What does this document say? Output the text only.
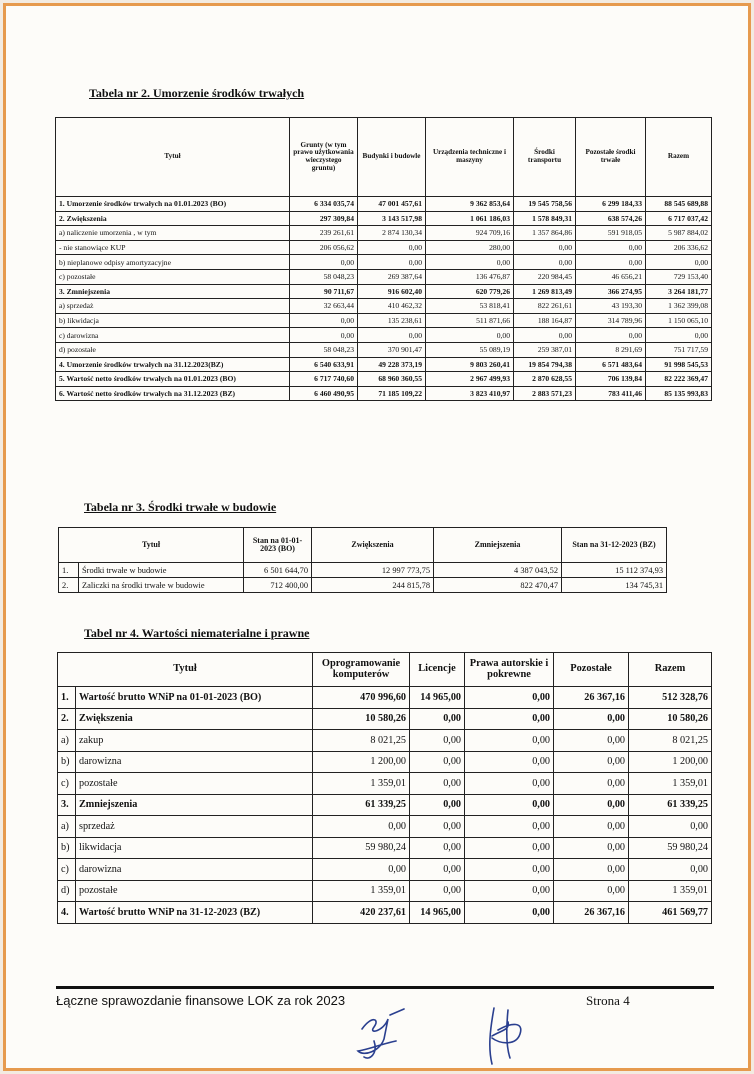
Tabela nr 2. Umorzenie środków trwałych
Tytuł	Grunty (w tym prawo użytkowania wieczystego gruntu)	Budynki i budowle	Urządzenia techniczne i maszyny	Środki transportu	Pozostałe środki trwałe	Razem
1. Umorzenie środków trwałych na 01.01.2023 (BO)	6 334 035,74	47 001 457,61	9 362 853,64	19 545 758,56	6 299 184,33	88 545 689,88
2. Zwiększenia	297 309,84	3 143 517,98	1 061 186,03	1 578 849,31	638 574,26	6 717 037,42
a) naliczenie umorzenia , w tym	239 261,61	2 874 130,34	924 709,16	1 357 864,86	591 918,05	5 987 884,02
- nie stanowiące KUP	206 056,62	0,00	280,00	0,00	0,00	206 336,62
b) nieplanowe odpisy amortyzacyjne	0,00	0,00	0,00	0,00	0,00	0,00
c) pozostałe	58 048,23	269 387,64	136 476,87	220 984,45	46 656,21	729 153,40
3. Zmniejszenia	90 711,67	916 602,40	620 779,26	1 269 813,49	366 274,95	3 264 181,77
a) sprzedaż	32 663,44	410 462,32	53 818,41	822 261,61	43 193,30	1 362 399,08
b) likwidacja	0,00	135 238,61	511 871,66	188 164,87	314 789,96	1 150 065,10
c) darowizna	0,00	0,00	0,00	0,00	0,00	0,00
d) pozostałe	58 048,23	370 901,47	55 089,19	259 387,01	8 291,69	751 717,59
4. Umorzenie środków trwałych na 31.12.2023(BZ)	6 540 633,91	49 228 373,19	9 803 260,41	19 854 794,38	6 571 483,64	91 998 545,53
5. Wartość netto środków trwałych na 01.01.2023 (BO)	6 717 740,60	68 960 360,55	2 967 499,93	2 870 628,55	706 139,84	82 222 369,47
6. Wartość netto środków trwałych na 31.12.2023 (BZ)	6 460 490,95	71 185 109,22	3 823 410,97	2 883 571,23	783 411,46	85 135 993,83
Tabela nr 3. Środki trwałe w budowie
Tytuł		Stan na 01-01-2023 (BO)	Zwiększenia	Zmniejszenia	Stan na 31-12-2023 (BZ)
1.	Środki trwałe w budowie	6 501 644,70	12 997 773,75	4 387 043,52	15 112 374,93
2.	Zaliczki na środki trwałe w budowie	712 400,00	244 815,78	822 470,47	134 745,31
Tabel nr 4. Wartości niematerialne i prawne
Tytuł		Oprogramowanie komputerów	Licencje	Prawa autorskie i pokrewne	Pozostałe	Razem
1.	Wartość brutto WNiP na 01-01-2023 (BO)	470 996,60	14 965,00	0,00	26 367,16	512 328,76
2.	Zwiększenia	10 580,26	0,00	0,00	0,00	10 580,26
a)	zakup	8 021,25	0,00	0,00	0,00	8 021,25
b)	darowizna	1 200,00	0,00	0,00	0,00	1 200,00
c)	pozostałe	1 359,01	0,00	0,00	0,00	1 359,01
3.	Zmniejszenia	61 339,25	0,00	0,00	0,00	61 339,25
a)	sprzedaż	0,00	0,00	0,00	0,00	0,00
b)	likwidacja	59 980,24	0,00	0,00	0,00	59 980,24
c)	darowizna	0,00	0,00	0,00	0,00	0,00
d)	pozostałe	1 359,01	0,00	0,00	0,00	1 359,01
4.	Wartość brutto WNiP na 31-12-2023 (BZ)	420 237,61	14 965,00	0,00	26 367,16	461 569,77
Łączne sprawozdanie finansowe LOK za rok 2023	Strona 4
